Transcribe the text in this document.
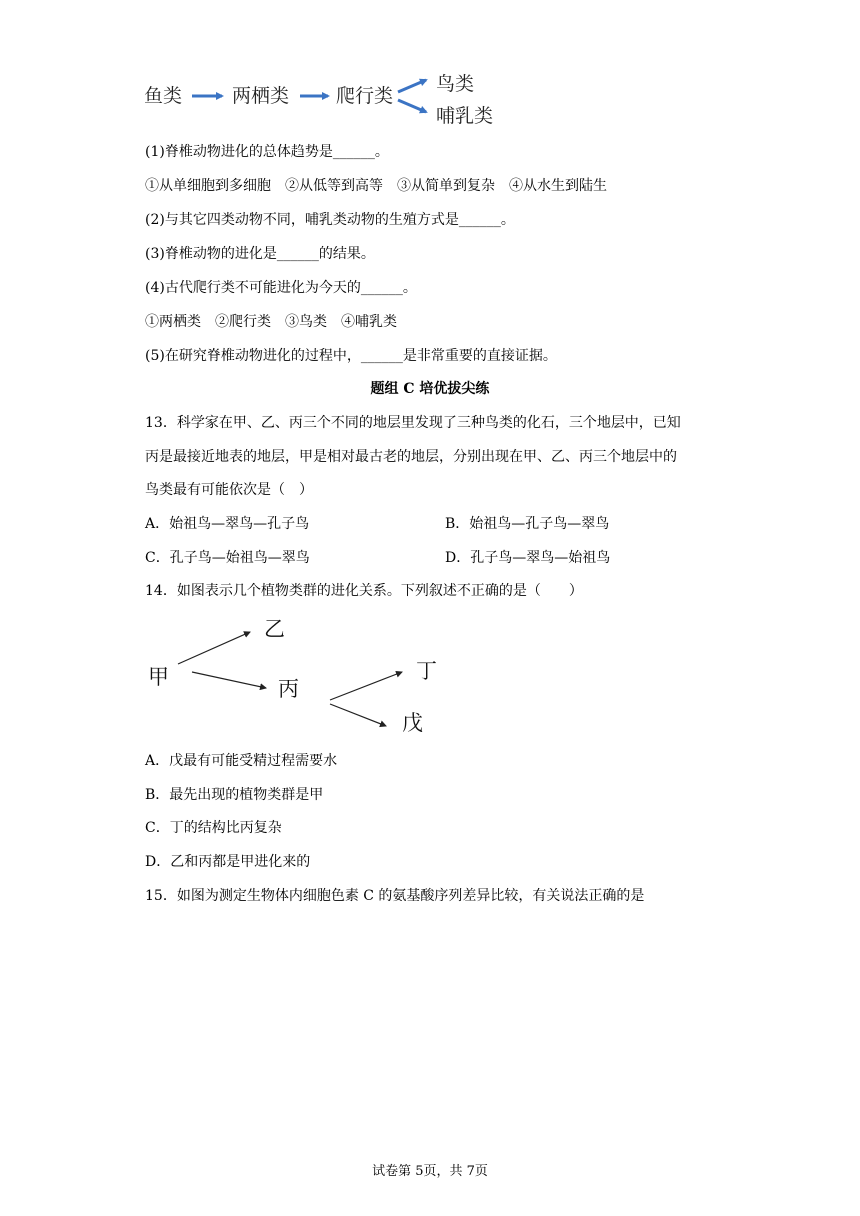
鱼类	两栖类 爬行类
鸟类
哺乳类
(1)脊椎动物进化的总体趋势是______。
①从单细胞到多细胞　②从低等到高等　③从简单到复杂　④从水生到陆生
(2)与其它四类动物不同，哺乳类动物的生殖方式是______。
(3)脊椎动物的进化是______的结果。
(4)古代爬行类不可能进化为今天的______。
①两栖类　②爬行类　③鸟类　④哺乳类
(5)在研究脊椎动物进化的过程中，______是非常重要的直接证据。
题组 C 培优拔尖练
13．科学家在甲、乙、丙三个不同的地层里发现了三种鸟类的化石，三个地层中，已知
丙是最接近地表的地层，甲是相对最古老的地层，分别出现在甲、乙、丙三个地层中的
鸟类最有可能依次是（　）
A．始祖鸟—翠鸟—孔子鸟	B．始祖鸟—孔子鸟—翠鸟
C．孔子鸟—始祖鸟—翠鸟	D．孔子鸟—翠鸟—始祖鸟
14．如图表示几个植物类群的进化关系。下列叙述不正确的是（　　）
甲
乙
丙
丁
戊
A．戊最有可能受精过程需要水
B．最先出现的植物类群是甲
C．丁的结构比丙复杂
D．乙和丙都是甲进化来的
15．如图为测定生物体内细胞色素 C 的氨基酸序列差异比较，有关说法正确的是
试卷第 5页，共 7页
